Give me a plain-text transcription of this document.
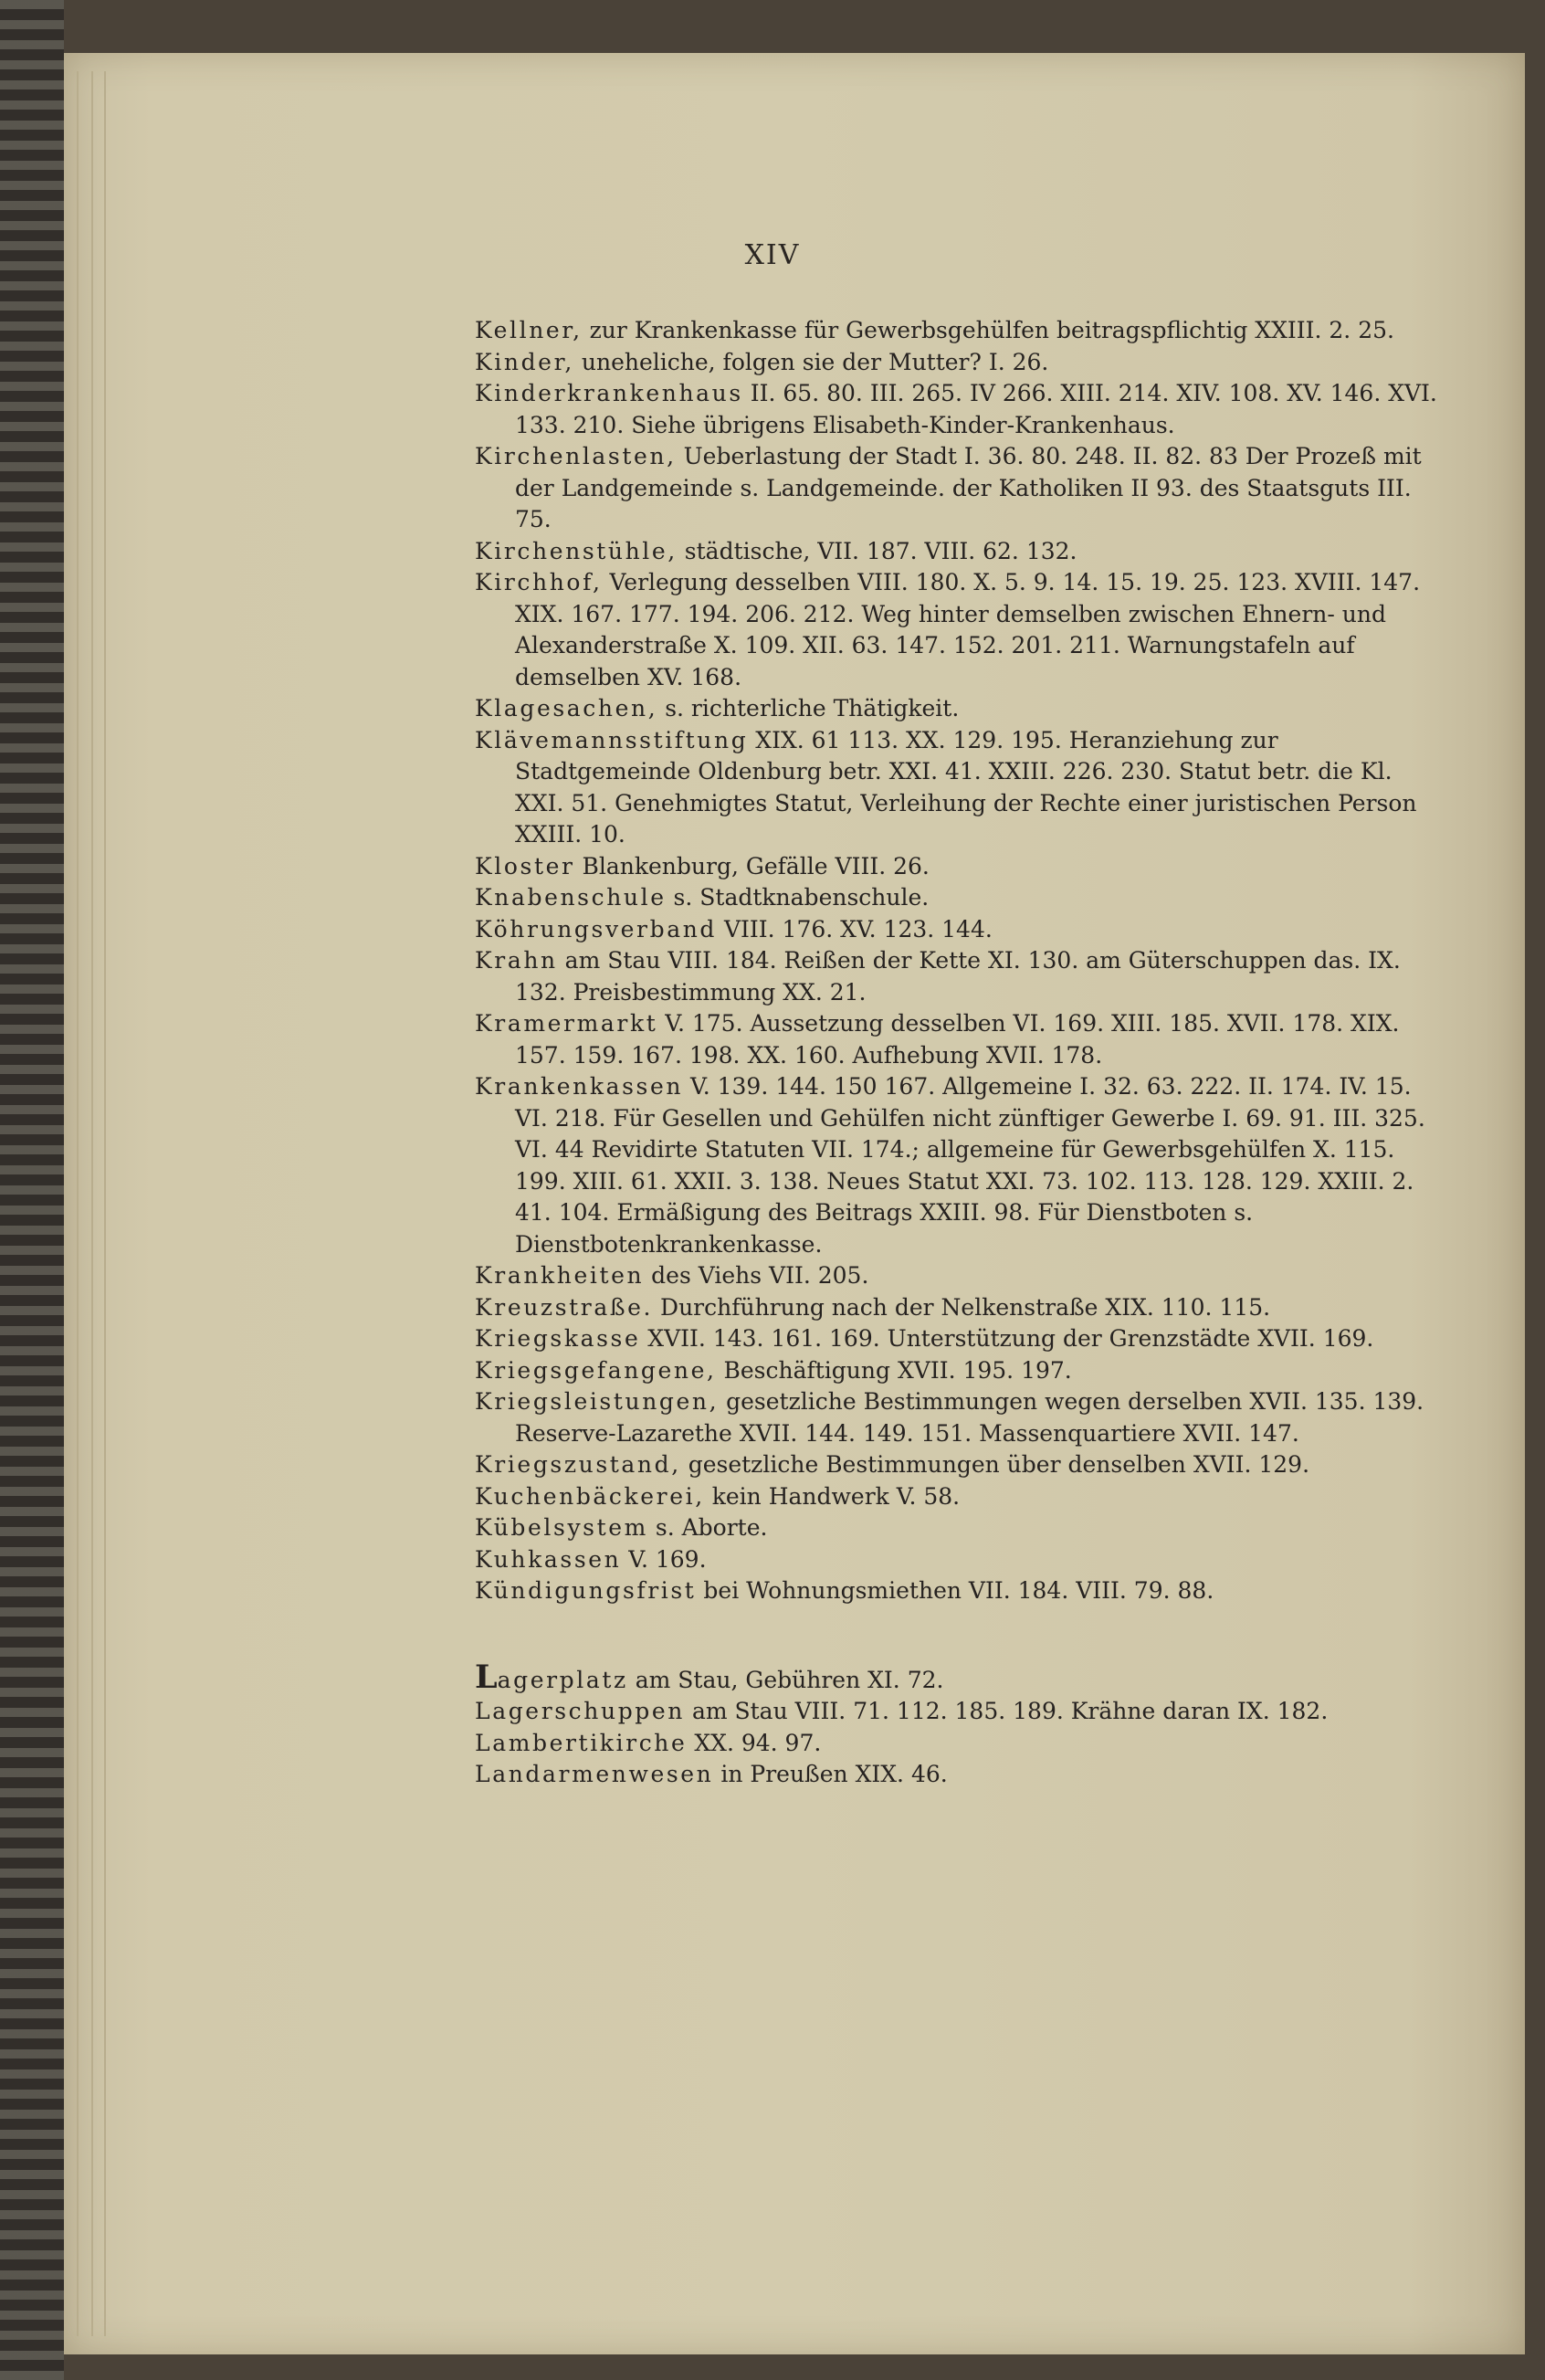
XIV

Kellner, zur Krankenkasse für Gewerbsgehülfen beitragspflichtig XXIII. 2. 25.

Kinder, uneheliche, folgen sie der Mutter? I. 26.

Kinderkrankenhaus II. 65. 80. III. 265. IV 266. XIII. 214. XIV. 108. XV. 146. XVI. 133. 210. Siehe übrigens Elisabeth-Kinder-Krankenhaus.

Kirchenlasten, Ueberlastung der Stadt I. 36. 80. 248. II. 82. 83 Der Prozeß mit der Landgemeinde s. Landgemeinde. der Katholiken II 93. des Staatsguts III. 75.

Kirchenstühle, städtische, VII. 187. VIII. 62. 132.

Kirchhof, Verlegung desselben VIII. 180. X. 5. 9. 14. 15. 19. 25. 123. XVIII. 147. XIX. 167. 177. 194. 206. 212. Weg hinter demselben zwischen Ehnern- und Alexanderstraße X. 109. XII. 63. 147. 152. 201. 211. Warnungstafeln auf demselben XV. 168.

Klagesachen, s. richterliche Thätigkeit.

Klävemannsstiftung XIX. 61 113. XX. 129. 195. Heranziehung zur Stadtgemeinde Oldenburg betr. XXI. 41. XXIII. 226. 230. Statut betr. die Kl. XXI. 51. Genehmigtes Statut, Verleihung der Rechte einer juristischen Person XXIII. 10.

Kloster Blankenburg, Gefälle VIII. 26.

Knabenschule s. Stadtknabenschule.

Köhrungsverband VIII. 176. XV. 123. 144.

Krahn am Stau VIII. 184. Reißen der Kette XI. 130. am Güterschuppen das. IX. 132. Preisbestimmung XX. 21.

Kramermarkt V. 175. Aussetzung desselben VI. 169. XIII. 185. XVII. 178. XIX. 157. 159. 167. 198. XX. 160. Aufhebung XVII. 178.

Krankenkassen V. 139. 144. 150 167. Allgemeine I. 32. 63. 222. II. 174. IV. 15. VI. 218. Für Gesellen und Gehülfen nicht zünftiger Gewerbe I. 69. 91. III. 325. VI. 44 Revidirte Statuten VII. 174.; allgemeine für Gewerbsgehülfen X. 115. 199. XIII. 61. XXII. 3. 138. Neues Statut XXI. 73. 102. 113. 128. 129. XXIII. 2. 41. 104. Ermäßigung des Beitrags XXIII. 98. Für Dienstboten s. Dienstbotenkrankenkasse.

Krankheiten des Viehs VII. 205.

Kreuzstraße. Durchführung nach der Nelkenstraße XIX. 110. 115.

Kriegskasse XVII. 143. 161. 169. Unterstützung der Grenzstädte XVII. 169.

Kriegsgefangene, Beschäftigung XVII. 195. 197.

Kriegsleistungen, gesetzliche Bestimmungen wegen derselben XVII. 135. 139. Reserve-Lazarethe XVII. 144. 149. 151. Massenquartiere XVII. 147.

Kriegszustand, gesetzliche Bestimmungen über denselben XVII. 129.

Kuchenbäckerei, kein Handwerk V. 58.

Kübelsystem s. Aborte.

Kuhkassen V. 169.

Kündigungsfrist bei Wohnungsmiethen VII. 184. VIII. 79. 88.

Lagerplatz am Stau, Gebühren XI. 72.

Lagerschuppen am Stau VIII. 71. 112. 185. 189. Krähne daran IX. 182.

Lambertikirche XX. 94. 97.

Landarmenwesen in Preußen XIX. 46.
